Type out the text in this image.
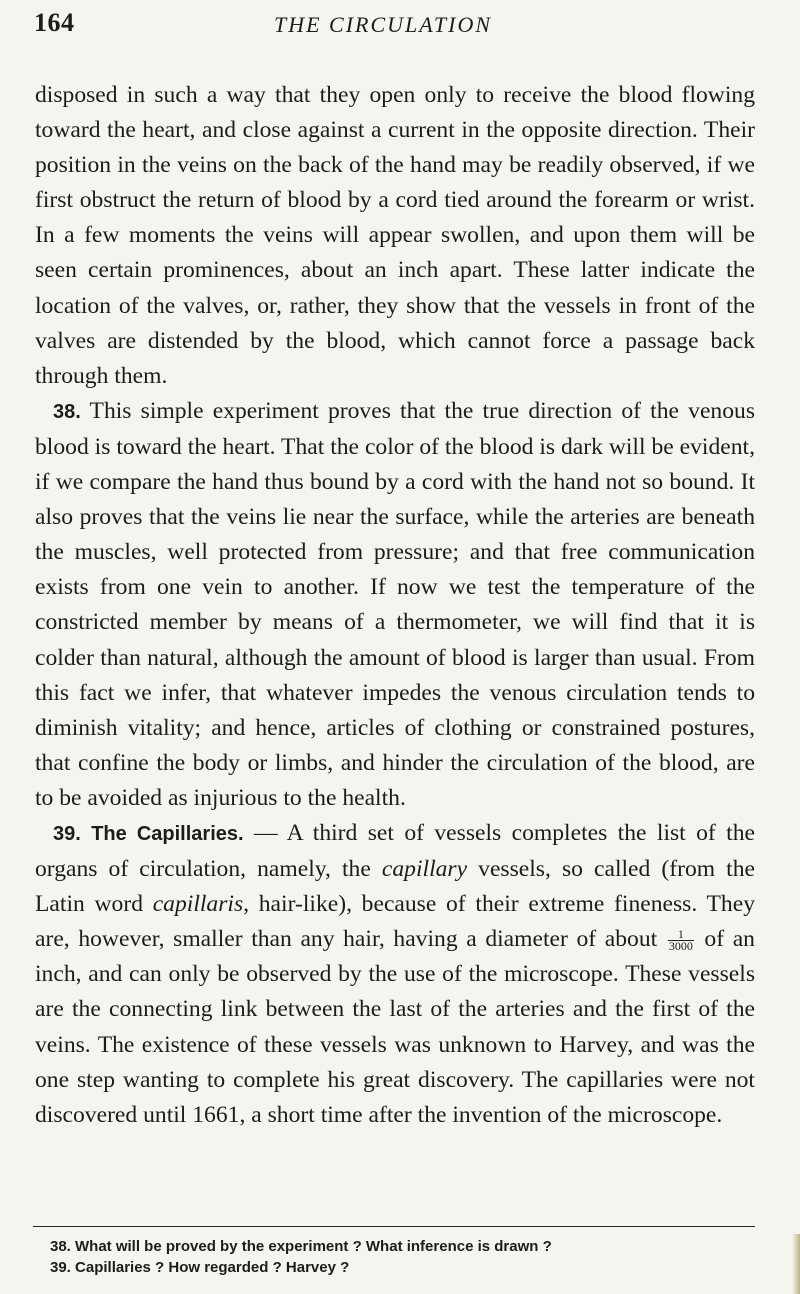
164	THE CIRCULATION

disposed in such a way that they open only to receive the blood flowing toward the heart, and close against a current in the opposite direction. Their position in the veins on the back of the hand may be readily observed, if we first obstruct the return of blood by a cord tied around the forearm or wrist. In a few moments the veins will appear swollen, and upon them will be seen certain prominences, about an inch apart. These latter indicate the location of the valves, or, rather, they show that the vessels in front of the valves are distended by the blood, which cannot force a passage back through them.

38. This simple experiment proves that the true direction of the venous blood is toward the heart. That the color of the blood is dark will be evident, if we compare the hand thus bound by a cord with the hand not so bound. It also proves that the veins lie near the surface, while the arteries are beneath the muscles, well protected from pressure; and that free communication exists from one vein to another. If now we test the temperature of the constricted member by means of a thermometer, we will find that it is colder than natural, although the amount of blood is larger than usual. From this fact we infer, that whatever impedes the venous circulation tends to diminish vitality; and hence, articles of clothing or constrained postures, that confine the body or limbs, and hinder the circulation of the blood, are to be avoided as injurious to the health.

39. The Capillaries. — A third set of vessels completes the list of the organs of circulation, namely, the capillary vessels, so called (from the Latin word capillaris, hair-like), because of their extreme fineness. They are, however, smaller than any hair, having a diameter of about $\frac{1}{3000}$ of an inch, and can only be observed by the use of the microscope. These vessels are the connecting link between the last of the arteries and the first of the veins. The existence of these vessels was unknown to Harvey, and was the one step wanting to complete his great discovery. The capillaries were not discovered until 1661, a short time after the invention of the microscope.

38. What will be proved by the experiment ? What inference is drawn ?
39. Capillaries ? How regarded ? Harvey ?
